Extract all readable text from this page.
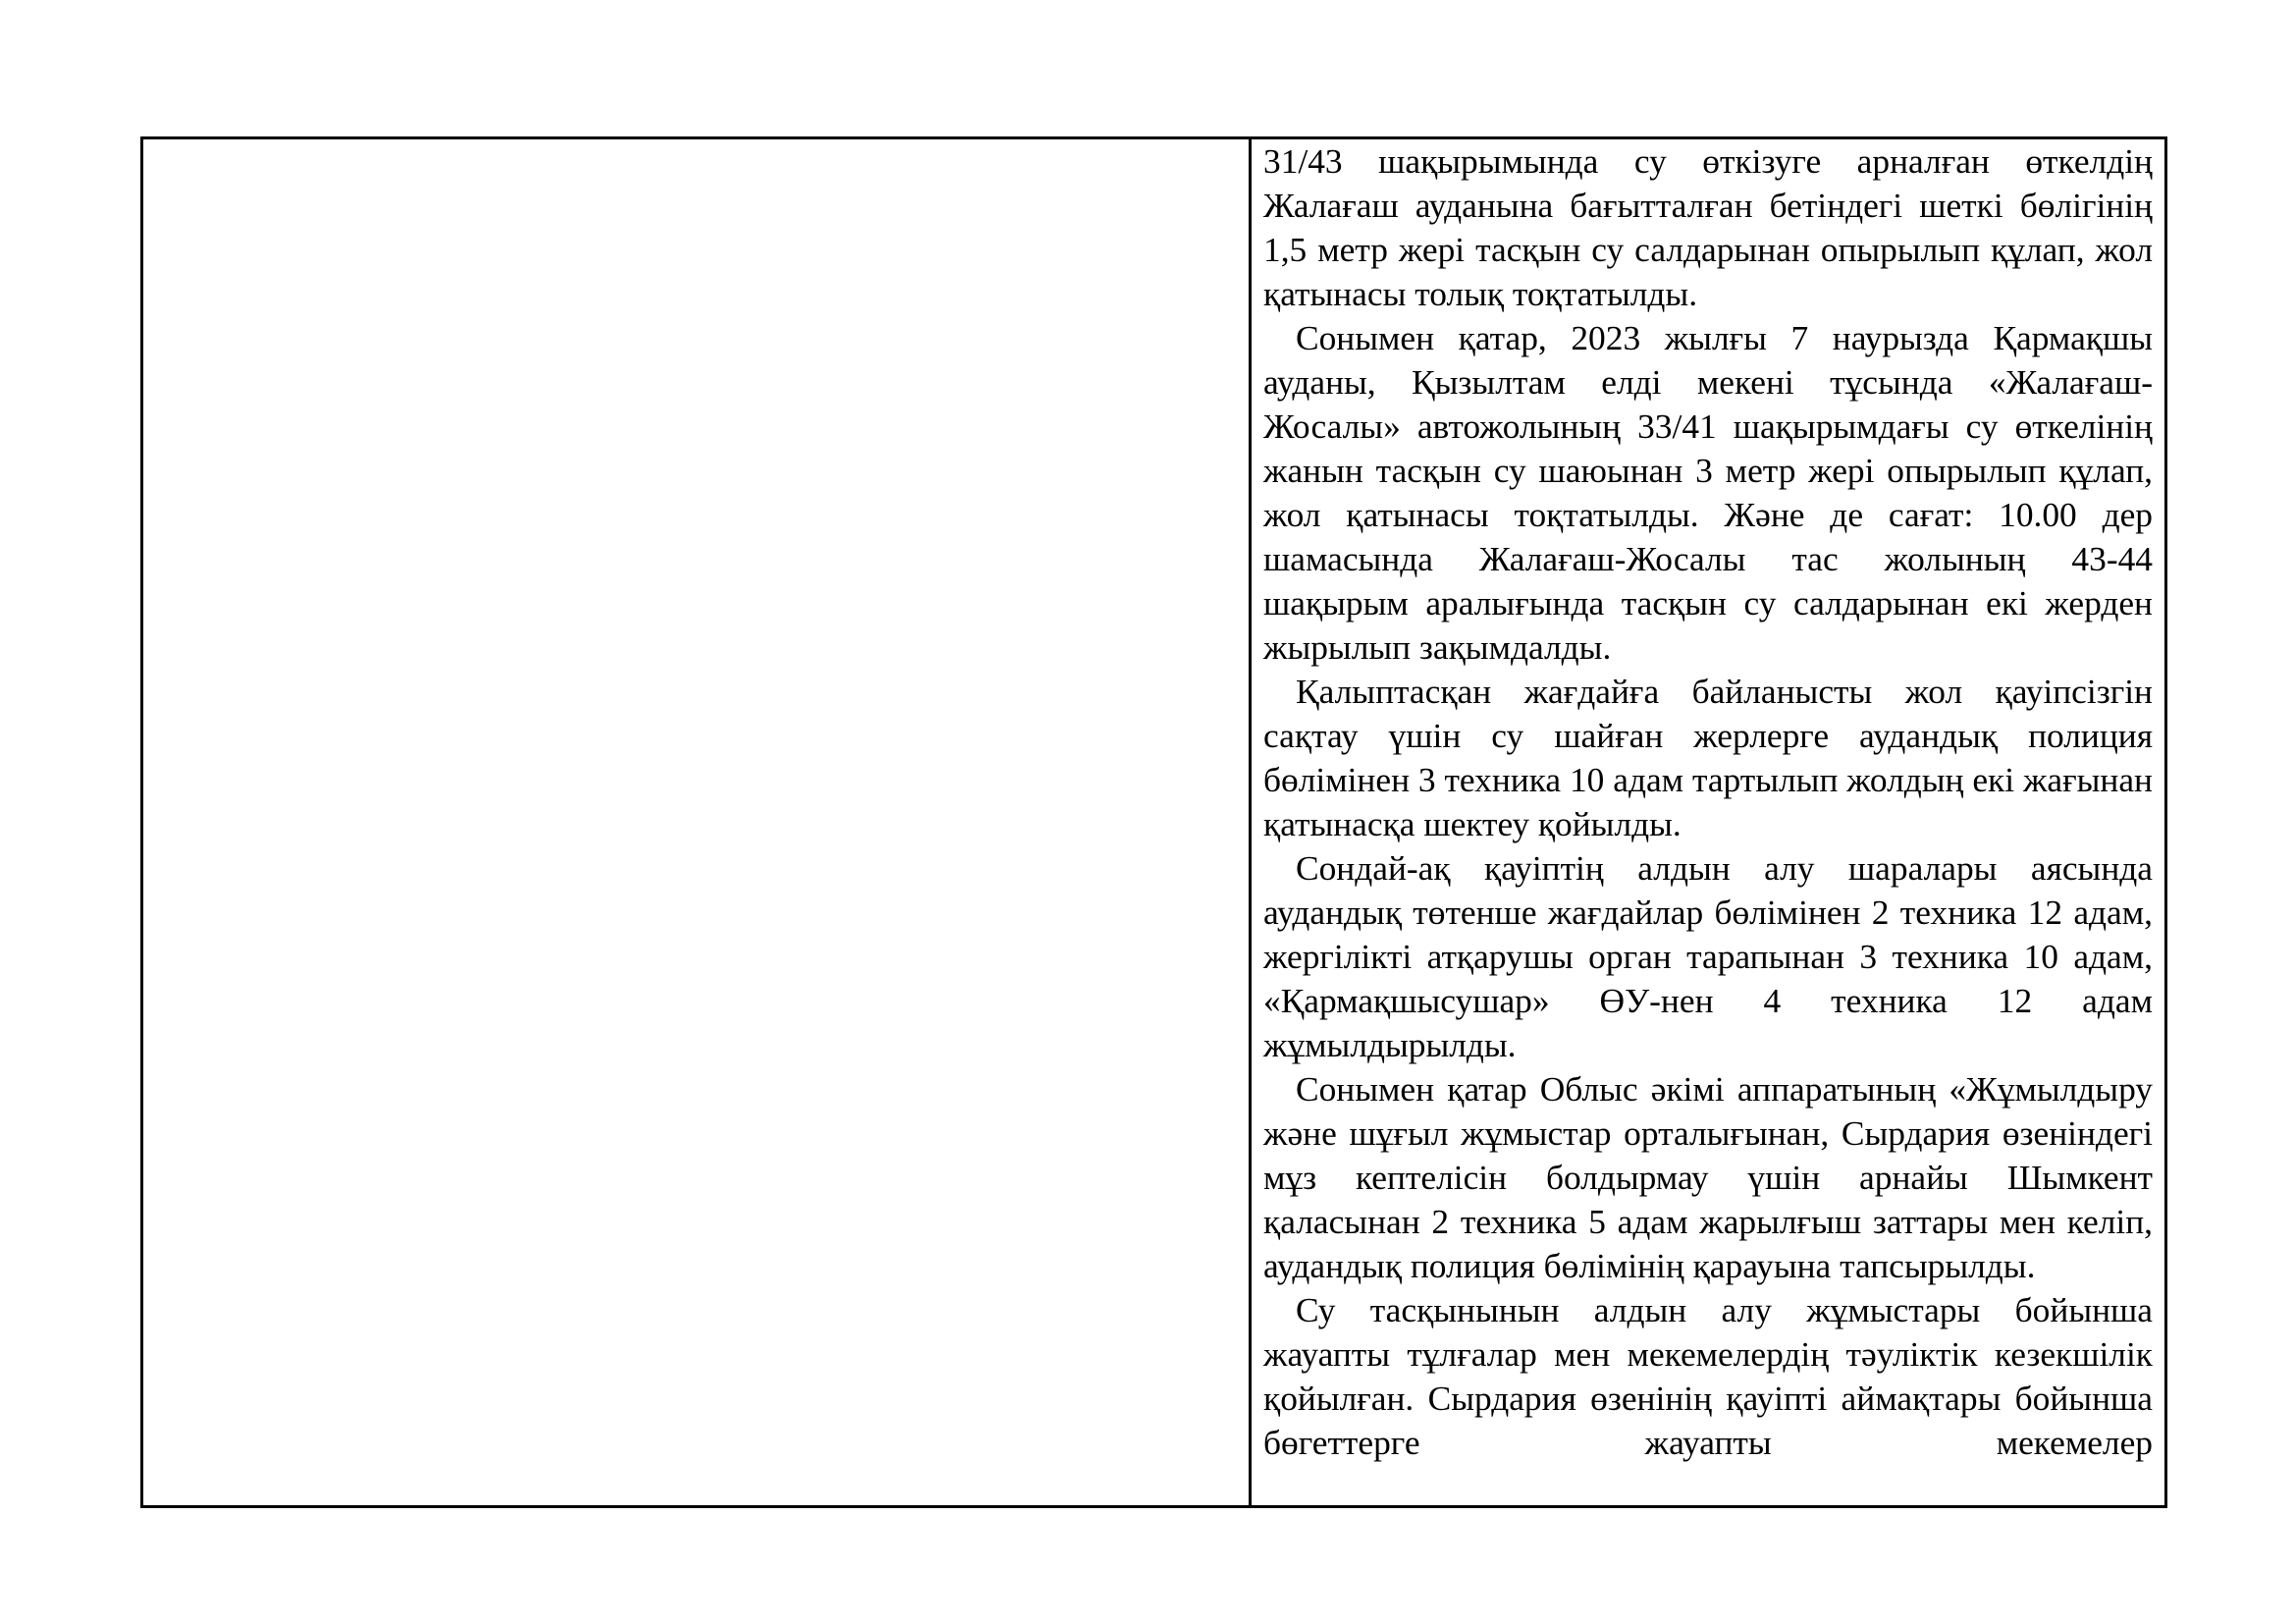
31/43 шақырымында су өткізуге арналған өткелдің Жалағаш ауданына бағытталған бетіндегі шеткі бөлігінің 1,5 метр жері тасқын су салдарынан опырылып құлап, жол қатынасы толық тоқтатылды.

Сонымен қатар, 2023 жылғы 7 наурызда Қармақшы ауданы, Қызылтам елді мекені тұсында «Жалағаш-Жосалы» автожолының 33/41 шақырымдағы су өткелінің жанын тасқын су шаюынан 3 метр жері опырылып құлап, жол қатынасы тоқтатылды. Және де сағат: 10.00 дер шамасында Жалағаш-Жосалы тас жолының 43-44 шақырым аралығында тасқын су салдарынан екі жерден жырылып зақымдалды.

Қалыптасқан жағдайға байланысты жол қауіпсізгін сақтау үшін су шайған жерлерге аудандық полиция бөлімінен 3 техника 10 адам тартылып жолдың екі жағынан қатынасқа шектеу қойылды.

Сондай-ақ қауіптің алдын алу шаралары аясында аудандық төтенше жағдайлар бөлімінен 2 техника 12 адам, жергілікті атқарушы орган тарапынан 3 техника 10 адам, «Қармақшысушар» ӨУ-нен 4 техника 12 адам жұмылдырылды.

Сонымен қатар Облыс әкімі аппаратының «Жұмылдыру және шұғыл жұмыстар орталығынан, Сырдария өзеніндегі мұз кептелісін болдырмау үшін арнайы Шымкент қаласынан 2 техника 5 адам жарылғыш заттары мен келіп, аудандық полиция бөлімінің қарауына тапсырылды.

Су тасқынынын алдын алу жұмыстары бойынша жауапты тұлғалар мен мекемелердің тәуліктік кезекшілік қойылған. Сырдария өзенінің қауіпті аймақтары бойынша бөгеттерге жауапты мекемелер
